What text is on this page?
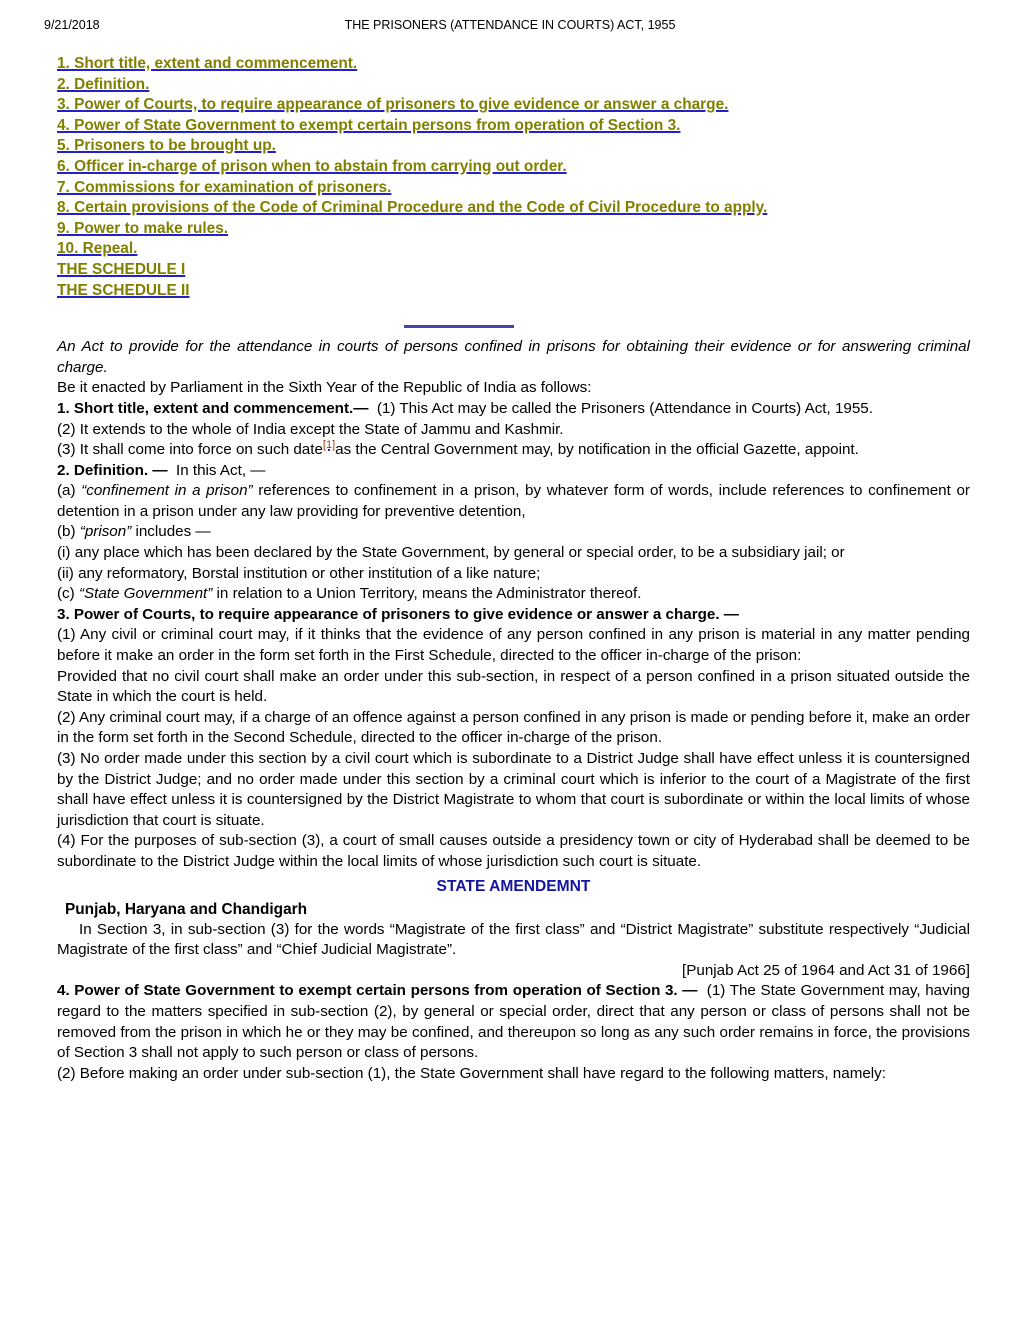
9/21/2018	THE PRISONERS (ATTENDANCE IN COURTS) ACT, 1955
1. Short title, extent and commencement.
2. Definition.
3. Power of Courts, to require appearance of prisoners to give evidence or answer a charge.
4. Power of State Government to exempt certain persons from operation of Section 3.
5. Prisoners to be brought up.
6. Officer in-charge of prison when to abstain from carrying out order.
7. Commissions for examination of prisoners.
8. Certain provisions of the Code of Criminal Procedure and the Code of Civil Procedure to apply.
9. Power to make rules.
10. Repeal.
THE SCHEDULE I
THE SCHEDULE II

An Act to provide for the attendance in courts of persons confined in prisons for obtaining their evidence or for answering criminal charge.

Be it enacted by Parliament in the Sixth Year of the Republic of India as follows:

1. Short title, extent and commencement.— (1) This Act may be called the Prisoners (Attendance in Courts) Act, 1955.

(2) It extends to the whole of India except the State of Jammu and Kashmir.

(3) It shall come into force on such date[1]as the Central Government may, by notification in the official Gazette, appoint.

2. Definition. — In this Act, —

(a) “confinement in a prison” references to confinement in a prison, by whatever form of words, include references to confinement or detention in a prison under any law providing for preventive detention,

(b) “prison” includes —

(i) any place which has been declared by the State Government, by general or special order, to be a subsidiary jail; or

(ii) any reformatory, Borstal institution or other institution of a like nature;

(c) “State Government” in relation to a Union Territory, means the Administrator thereof.

3. Power of Courts, to require appearance of prisoners to give evidence or answer a charge. —
(1) Any civil or criminal court may, if it thinks that the evidence of any person confined in any prison is material in any matter pending before it make an order in the form set forth in the First Schedule, directed to the officer in-charge of the prison:

Provided that no civil court shall make an order under this sub-section, in respect of a person confined in a prison situated outside the State in which the court is held.

(2) Any criminal court may, if a charge of an offence against a person confined in any prison is made or pending before it, make an order in the form set forth in the Second Schedule, directed to the officer in-charge of the prison.

(3) No order made under this section by a civil court which is subordinate to a District Judge shall have effect unless it is countersigned by the District Judge; and no order made under this section by a criminal court which is inferior to the court of a Magistrate of the first shall have effect unless it is countersigned by the District Magistrate to whom that court is subordinate or within the local limits of whose jurisdiction that court is situate.

(4) For the purposes of sub-section (3), a court of small causes outside a presidency town or city of Hyderabad shall be deemed to be subordinate to the District Judge within the local limits of whose jurisdiction such court is situate.

STATE AMENDEMNT

Punjab, Haryana and Chandigarh

In Section 3, in sub-section (3) for the words “Magistrate of the first class” and “District Magistrate” substitute respectively “Judicial Magistrate of the first class” and “Chief Judicial Magistrate”.

[Punjab Act 25 of 1964 and Act 31 of 1966]

4. Power of State Government to exempt certain persons from operation of Section 3. — (1) The State Government may, having regard to the matters specified in sub-section (2), by general or special order, direct that any person or class of persons shall not be removed from the prison in which he or they may be confined, and thereupon so long as any such order remains in force, the provisions of Section 3 shall not apply to such person or class of persons.

(2) Before making an order under sub-section (1), the State Government shall have regard to the following matters, namely:
